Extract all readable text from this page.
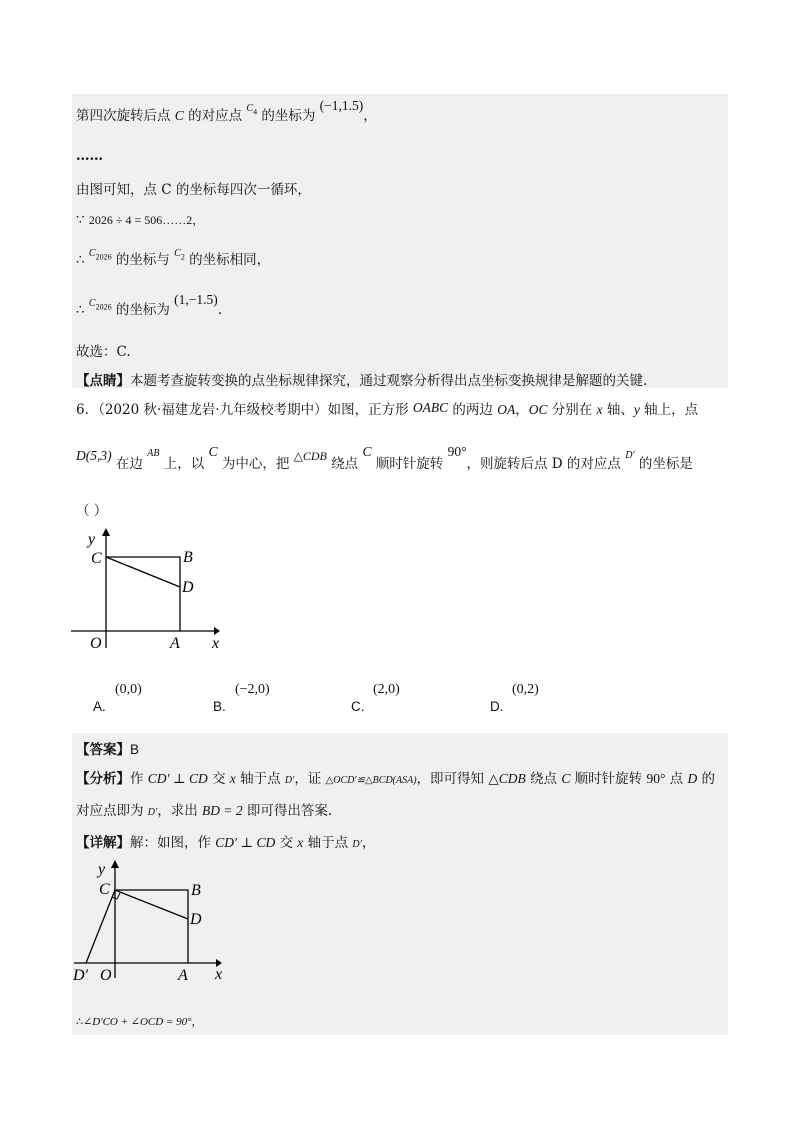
第四次旋转后点 C 的对应点 $C_4$ 的坐标为 (−1,1.5)，
……
由图可知，点 C 的坐标每四次一循环，
∵ 2026 ÷ 4 = 506……2，
∴ $C_{2026}$ 的坐标与 $C_2$ 的坐标相同，
∴ $C_{2026}$ 的坐标为 (1,−1.5).
故选：C.
【点睛】本题考查旋转变换的点坐标规律探究，通过观察分析得出点坐标变换规律是解题的关键.
6．（2020 秋·福建龙岩·九年级校考期中）如图，正方形 OABC 的两边 OA，OC 分别在 x 轴、y 轴上，点
D(5,3) 在边 $^{AB}$ 上，以 C 为中心，把 △CDB 绕点 C 顺时针旋转 90°，则旋转后点 D 的对应点 $^{D'}$ 的坐标是
（ ）
y
x
O	A
B
C
D
A.
(0,0)
B.
(−2,0)
C.
(2,0)
D.
(0,2)
【答案】B
【分析】作 CD′ ⊥ CD 交 x 轴于点 D′，证 △OCD′≌△BCD(ASA)，即可得知 △CDB 绕点 C 顺时针旋转 90° 点 D 的
对应点即为 D′，求出 BD = 2 即可得出答案.
【详解】解：如图，作 CD′ ⊥ CD 交 x 轴于点 D′，
y
x
O	A
B
C
D
D′
∴∠D′CO + ∠OCD = 90°，
